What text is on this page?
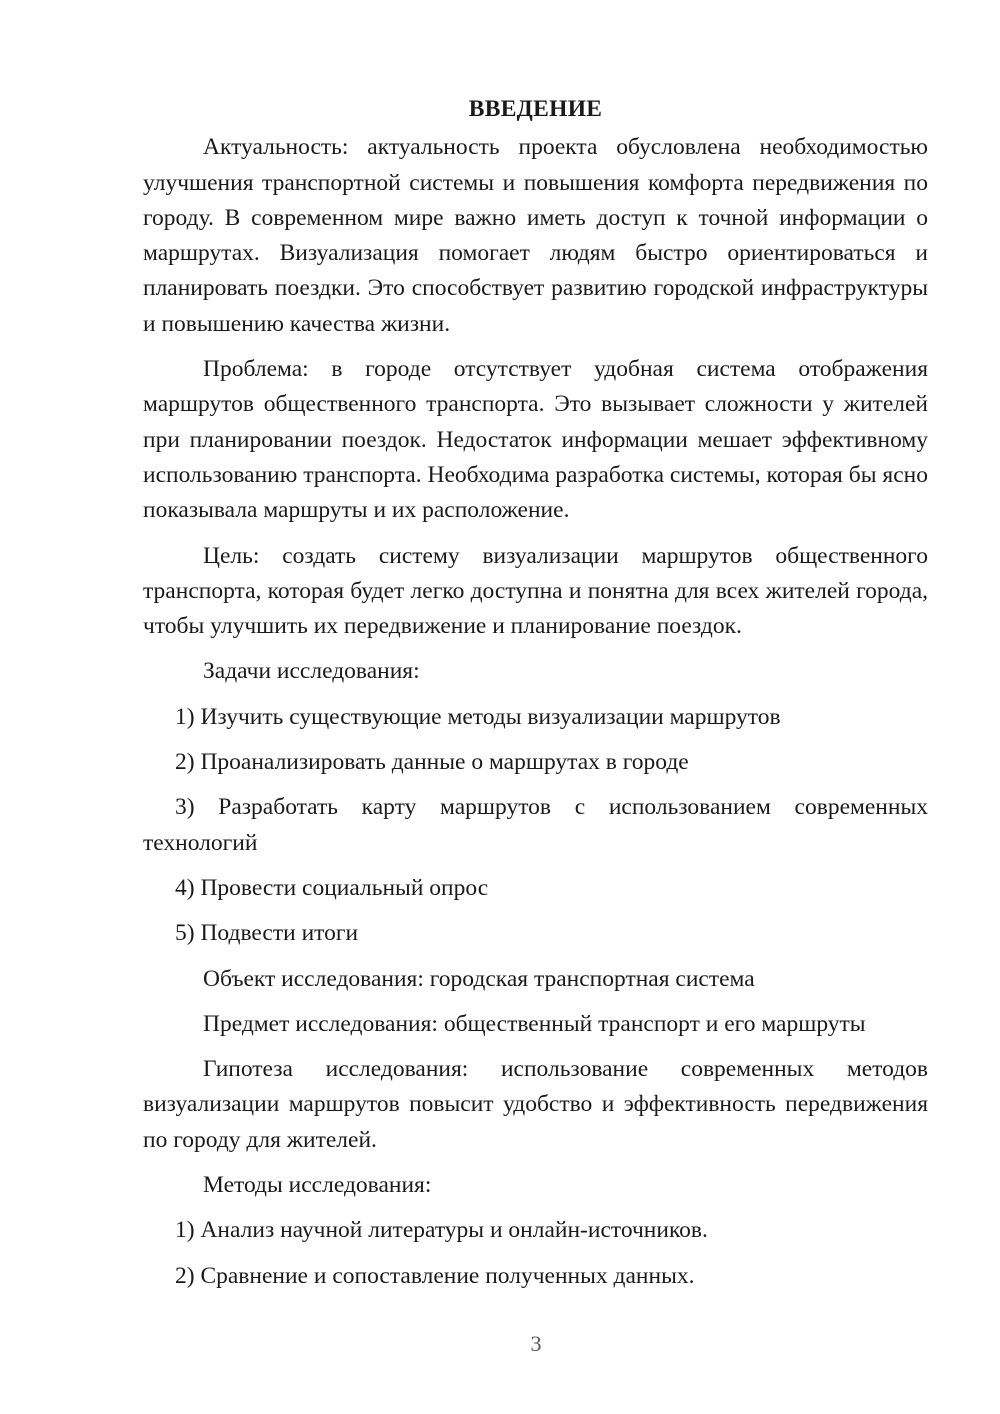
ВВЕДЕНИЕ

Актуальность: актуальность проекта обусловлена необходимостью улучшения транспортной системы и повышения комфорта передвижения по городу. В современном мире важно иметь доступ к точной информации о маршрутах. Визуализация помогает людям быстро ориентироваться и планировать поездки. Это способствует развитию городской инфраструктуры и повышению качества жизни.

Проблема: в городе отсутствует удобная система отображения маршрутов общественного транспорта. Это вызывает сложности у жителей при планировании поездок. Недостаток информации мешает эффективному использованию транспорта. Необходима разработка системы, которая бы ясно показывала маршруты и их расположение.

Цель: создать систему визуализации маршрутов общественного транспорта, которая будет легко доступна и понятна для всех жителей города, чтобы улучшить их передвижение и планирование поездок.

Задачи исследования:

1) Изучить существующие методы визуализации маршрутов

2) Проанализировать данные о маршрутах в городе

3) Разработать карту маршрутов с использованием современных технологий

4) Провести социальный опрос

5) Подвести итоги

Объект исследования: городская транспортная система

Предмет исследования: общественный транспорт и его маршруты

Гипотеза исследования: использование современных методов визуализации маршрутов повысит удобство и эффективность передвижения по городу для жителей.

Методы исследования:

1) Анализ научной литературы и онлайн-источников.

2) Сравнение и сопоставление полученных данных.

3
